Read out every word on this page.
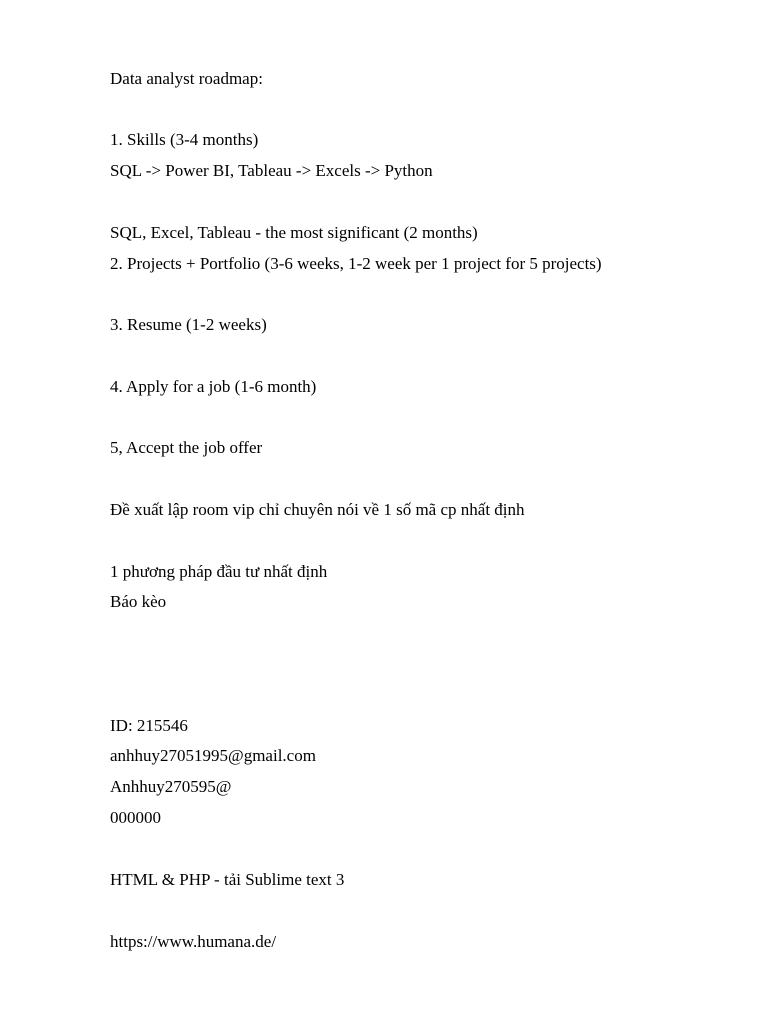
Data analyst roadmap:
1. Skills (3-4 months)
SQL -> Power BI, Tableau -> Excels -> Python
SQL, Excel, Tableau - the most significant (2 months)
2. Projects + Portfolio (3-6 weeks, 1-2 week per 1 project for 5 projects)
3. Resume (1-2 weeks)
4. Apply for a job (1-6 month)
5, Accept the job offer
Đề xuất lập room vip chỉ chuyên nói về 1 số mã cp nhất định
1 phương pháp đầu tư nhất định
Báo kèo
ID: 215546
anhhuy27051995@gmail.com
Anhhuy270595@
000000
HTML & PHP - tải Sublime text 3
https://www.humana.de/
